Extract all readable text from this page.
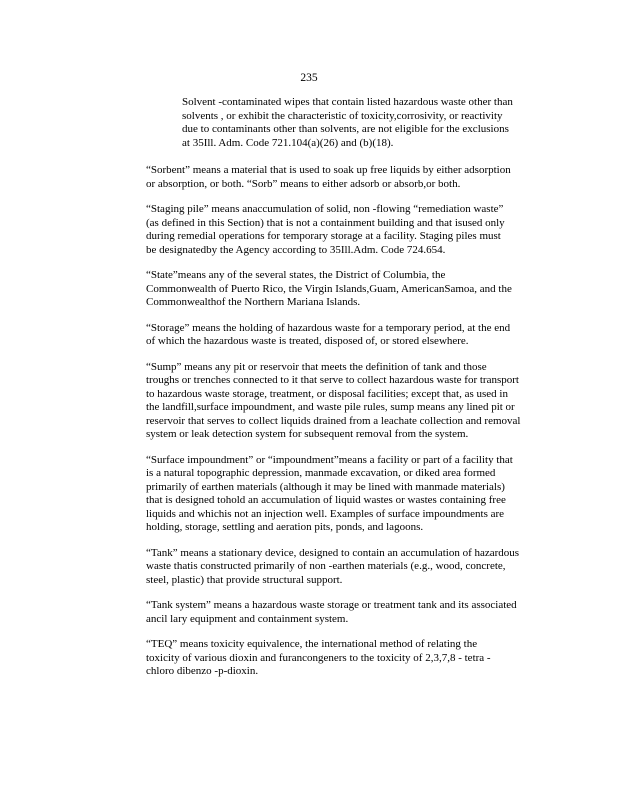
235
Solvent -contaminated wipes that contain listed hazardous waste other than
solvents , or exhibit the characteristic of toxicity,corrosivity, or reactivity
due to contaminants other than solvents, are not eligible for the exclusions
at 35Ill. Adm. Code 721.104(a)(26) and (b)(18).
“Sorbent” means a material that is used to soak up free liquids by either adsorption
or absorption, or both. “Sorb” means to either adsorb or absorb,or both.
“Staging pile” means anaccumulation of solid, non -flowing “remediation waste”
(as defined in this Section) that is not a containment building and that isused only
during remedial operations for temporary storage at a facility. Staging piles must
be designatedby the Agency according to 35Ill.Adm. Code 724.654.
“State”means any of the several states, the District of Columbia, the
Commonwealth of Puerto Rico, the Virgin Islands,Guam, AmericanSamoa, and the
Commonwealthof the Northern Mariana Islands.
“Storage” means the holding of hazardous waste for a temporary period, at the end
of which the hazardous waste is treated, disposed of, or stored elsewhere.
“Sump” means any pit or reservoir that meets the definition of tank and those
troughs or trenches connected to it that serve to collect hazardous waste for transport
to hazardous waste storage, treatment, or disposal facilities; except that, as used in
the landfill,surface impoundment, and waste pile rules, sump means any lined pit or
reservoir that serves to collect liquids drained from a leachate collection and removal
system or leak detection system for subsequent removal from the system.
“Surface impoundment” or “impoundment”means a facility or part of a facility that
is a natural topographic depression, manmade excavation, or diked area formed
primarily of earthen materials (although it may be lined with manmade materials)
that is designed tohold an accumulation of liquid wastes or wastes containing free
liquids and whichis not an injection well. Examples of surface impoundments are
holding, storage, settling and aeration pits, ponds, and lagoons.
“Tank” means a stationary device, designed to contain an accumulation of hazardous
waste thatis constructed primarily of non -earthen materials (e.g., wood, concrete,
steel, plastic) that provide structural support.
“Tank system” means a hazardous waste storage or treatment tank and its associated
ancil lary equipment and containment system.
“TEQ” means toxicity equivalence, the international method of relating the
toxicity of various dioxin and furancongeners to the toxicity of 2,3,7,8 - tetra -
chloro dibenzo -p-dioxin.
